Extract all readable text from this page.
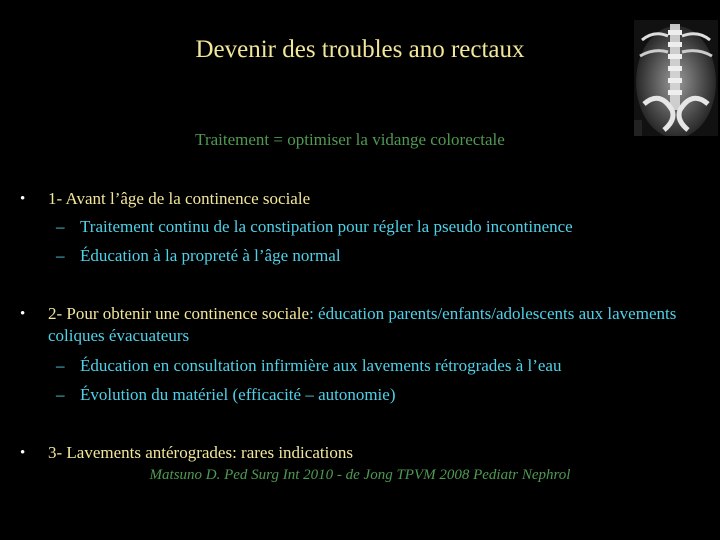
Devenir des troubles ano rectaux
Traitement = optimiser la vidange colorectale
• 1- Avant l’âge de la continence sociale
– Traitement continu de la constipation pour régler la pseudo incontinence
– Éducation à la propreté à l’âge normal
• 2- Pour obtenir une continence sociale: éducation parents/enfants/adolescents aux lavements coliques évacuateurs
– Éducation en consultation infirmière aux lavements rétrogrades à l’eau
– Évolution du matériel (efficacité – autonomie)
• 3- Lavements antérogrades: rares indications
Matsuno D. Ped Surg Int 2010 - de Jong TPVM 2008 Pediatr Nephrol
